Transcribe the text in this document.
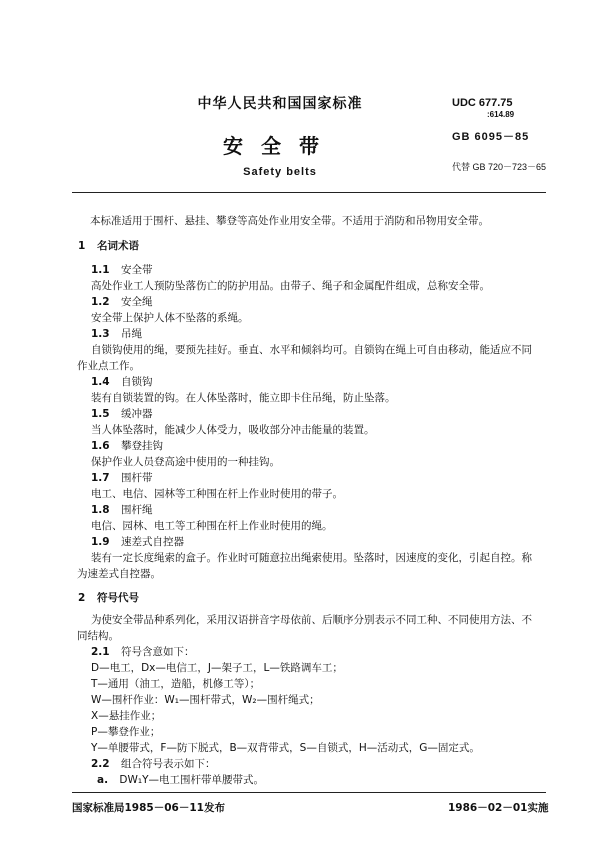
中华人民共和国国家标准
安全带
Safety belts
UDC 677.75
:614.89
GB 6095－85
代替 GB 720－723－65
本标准适用于围杆、悬挂、攀登等高处作业用安全带。不适用于消防和吊物用安全带。
1 名词术语
1.1 安全带
高处作业工人预防坠落伤亡的防护用品。由带子、绳子和金属配件组成，总称安全带。
1.2 安全绳
安全带上保护人体不坠落的系绳。
1.3 吊绳
自锁钩使用的绳，要预先挂好。垂直、水平和倾斜均可。自锁钩在绳上可自由移动，能适应不同
作业点工作。
1.4 自锁钩
装有自锁装置的钩。在人体坠落时，能立即卡住吊绳，防止坠落。
1.5 缓冲器
当人体坠落时，能减少人体受力，吸收部分冲击能量的装置。
1.6 攀登挂钩
保护作业人员登高途中使用的一种挂钩。
1.7 围杆带
电工、电信、园林等工种围在杆上作业时使用的带子。
1.8 围杆绳
电信、园林、电工等工种围在杆上作业时使用的绳。
1.9 速差式自控器
装有一定长度绳索的盒子。作业时可随意拉出绳索使用。坠落时，因速度的变化，引起自控。称
为速差式自控器。
2 符号代号
为使安全带品种系列化，采用汉语拼音字母依前、后顺序分别表示不同工种、不同使用方法、不
同结构。
2.1 符号含意如下：
D—电工，Dx—电信工，J—架子工，L—铁路调车工；
T—通用（油工，造船，机修工等）；
W—围杆作业：W₁—围杆带式，W₂—围杆绳式；
X—悬挂作业；
P—攀登作业；
Y—单腰带式，F—防下脱式，B—双背带式，S—自锁式，H—活动式，G—固定式。
2.2 组合符号表示如下：
a. DW₁Y—电工围杆带单腰带式。
国家标准局1985－06－11发布	1986－02－01实施
